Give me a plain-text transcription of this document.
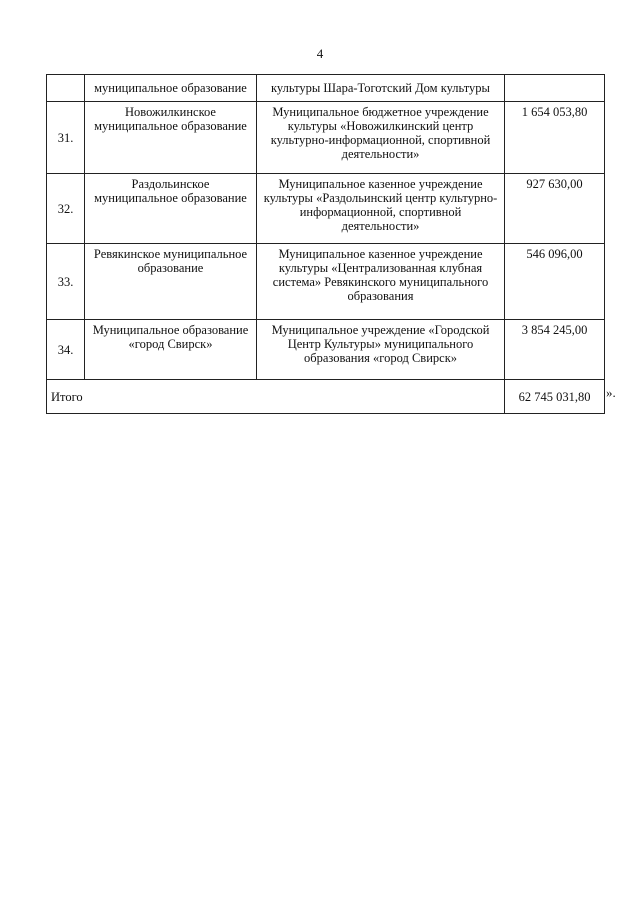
4
	муниципальное образование	культуры Шара-Тоготский Дом культуры	
31.	Новожилкинское муниципальное образование	Муниципальное бюджетное учреждение культуры «Новожилкинский центр культурно-информационной, спортивной деятельности»	1 654 053,80
32.	Раздольинское муниципальное образование	Муниципальное казенное учреждение культуры «Раздольинский центр культурно-информационной, спортивной деятельности»	927 630,00
33.	Ревякинское муниципальное образование	Муниципальное казенное учреждение культуры «Централизованная клубная система» Ревякинского муниципального образования	546 096,00
34.	Муниципальное образование «город Свирск»	Муниципальное учреждение «Городской Центр Культуры» муниципального образования «город Свирск»	3 854 245,00
Итого			62 745 031,80 ».
